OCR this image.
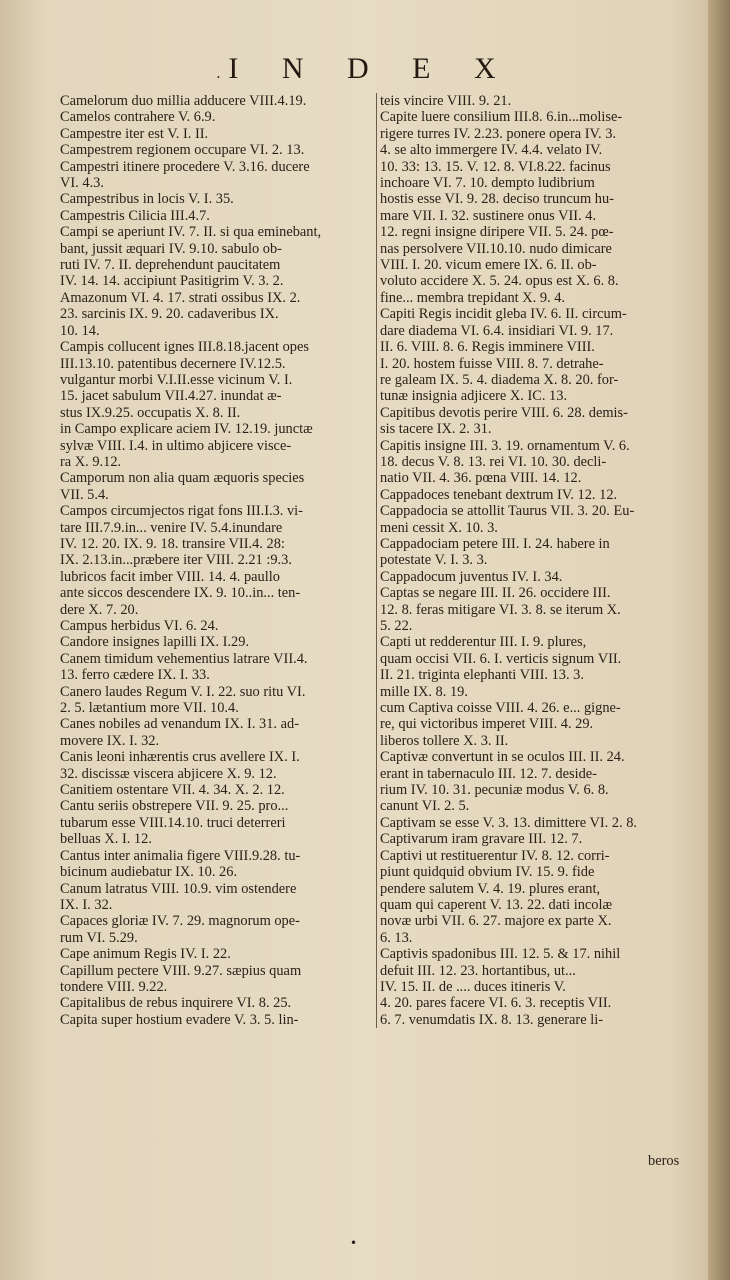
. I N D E X
Camelorum duo millia adducere VIII.4.19.
Camelos contrahere V. 6.9.
Campestre iter est V. I. II.
Campestrem regionem occupare VI. 2. 13.
Campestri itinere procedere V. 3.16. ducere
VI. 4.3.
Campestribus in locis V. I. 35.
Campestris Cilicia III.4.7.
Campi se aperiunt IV. 7. II. si qua eminebant,
bant, jussit æquari IV. 9.10. sabulo ob-
ruti IV. 7. II. deprehendunt paucitatem
IV. 14. 14. accipiunt Pasitigrim V. 3. 2.
Amazonum VI. 4. 17. strati ossibus IX. 2.
23. sarcinis IX. 9. 20. cadaveribus IX.
10. 14.
Campis collucent ignes III.8.18.jacent opes
III.13.10. patentibus decernere IV.12.5.
vulgantur morbi V.I.II.esse vicinum V. I.
15. jacet sabulum VII.4.27. inundat æ-
stus IX.9.25. occupatis X. 8. II.
in Campo explicare aciem IV. 12.19. junctæ
sylvæ VIII. I.4. in ultimo abjicere visce-
ra X. 9.12.
Camporum non alia quam æquoris species
VII. 5.4.
Campos circumjectos rigat fons III.I.3. vi-
tare III.7.9.in... venire IV. 5.4.inundare
IV. 12. 20. IX. 9. 18. transire VII.4. 28:
IX. 2.13.in...præbere iter VIII. 2.21 :9.3.
lubricos facit imber VIII. 14. 4. paullo
ante siccos descendere IX. 9. 10..in... ten-
dere X. 7. 20.
Campus herbidus VI. 6. 24.
Candore insignes lapilli IX. I.29.
Canem timidum vehementius latrare VII.4.
13. ferro cædere IX. I. 33.
Canero laudes Regum V. I. 22. suo ritu VI.
2. 5. lætantium more VII. 10.4.
Canes nobiles ad venandum IX. I. 31. ad-
movere IX. I. 32.
Canis leoni inhærentis crus avellere IX. I.
32. discissæ viscera abjicere X. 9. 12.
Canitiem ostentare VII. 4. 34. X. 2. 12.
Cantu seriis obstrepere VII. 9. 25. pro...
tubarum esse VIII.14.10. truci deterreri
belluas X. I. 12.
Cantus inter animalia figere VIII.9.28. tu-
bicinum audiebatur IX. 10. 26.
Canum latratus VIII. 10.9. vim ostendere
IX. I. 32.
Capaces gloriæ IV. 7. 29. magnorum ope-
rum VI. 5.29.
Cape animum Regis IV. I. 22.
Capillum pectere VIII. 9.27. sæpius quam
tondere VIII. 9.22.
Capitalibus de rebus inquirere VI. 8. 25.
Capita super hostium evadere V. 3. 5. lin-
teis vincire VIII. 9. 21.
Capite luere consilium III.8. 6.in...molise-
rigere turres IV. 2.23. ponere opera IV. 3.
4. se alto immergere IV. 4.4. velato IV.
10. 33: 13. 15. V. 12. 8. VI.8.22. facinus
inchoare VI. 7. 10. dempto ludibrium
hostis esse VI. 9. 28. deciso truncum hu-
mare VII. I. 32. sustinere onus VII. 4.
12. regni insigne diripere VII. 5. 24. pœ-
nas persolvere VII.10.10. nudo dimicare
VIII. I. 20. vicum emere IX. 6. II. ob-
voluto accidere X. 5. 24. opus est X. 6. 8.
fine... membra trepidant X. 9. 4.
Capiti Regis incidit gleba IV. 6. II. circum-
dare diadema VI. 6.4. insidiari VI. 9. 17.
II. 6. VIII. 8. 6. Regis imminere VIII.
I. 20. hostem fuisse VIII. 8. 7. detrahe-
re galeam IX. 5. 4. diadema X. 8. 20. for-
tunæ insignia adjicere X. IC. 13.
Capitibus devotis perire VIII. 6. 28. demis-
sis tacere IX. 2. 31.
Capitis insigne III. 3. 19. ornamentum V. 6.
18. decus V. 8. 13. rei VI. 10. 30. decli-
natio VII. 4. 36. pœna VIII. 14. 12.
Cappadoces tenebant dextrum IV. 12. 12.
Cappadocia se attollit Taurus VII. 3. 20. Eu-
meni cessit X. 10. 3.
Cappadociam petere III. I. 24. habere in
potestate V. I. 3. 3.
Cappadocum juventus IV. I. 34.
Captas se negare III. II. 26. occidere III.
12. 8. feras mitigare VI. 3. 8. se iterum X.
5. 22.
Capti ut redderentur III. I. 9. plures,
quam occisi VII. 6. I. verticis signum VII.
II. 21. triginta elephanti VIII. 13. 3.
mille IX. 8. 19.
cum Captiva coisse VIII. 4. 26. e... gigne-
re, qui victoribus imperet VIII. 4. 29.
liberos tollere X. 3. II.
Captivæ convertunt in se oculos III. II. 24.
erant in tabernaculo III. 12. 7. deside-
rium IV. 10. 31. pecuniæ modus V. 6. 8.
canunt VI. 2. 5.
Captivam se esse V. 3. 13. dimittere VI. 2. 8.
Captivarum iram gravare III. 12. 7.
Captivi ut restituerentur IV. 8. 12. corri-
piunt quidquid obvium IV. 15. 9. fide
pendere salutem V. 4. 19. plures erant,
quam qui caperent V. 13. 22. dati incolæ
novæ urbi VII. 6. 27. majore ex parte X.
6. 13.
Captivis spadonibus III. 12. 5. & 17. nihil
defuit III. 12. 23. hortantibus, ut...
IV. 15. II. de .... duces itineris V.
4. 20. pares facere VI. 6. 3. receptis VII.
6. 7. venumdatis IX. 8. 13. generare li-
beros
•
